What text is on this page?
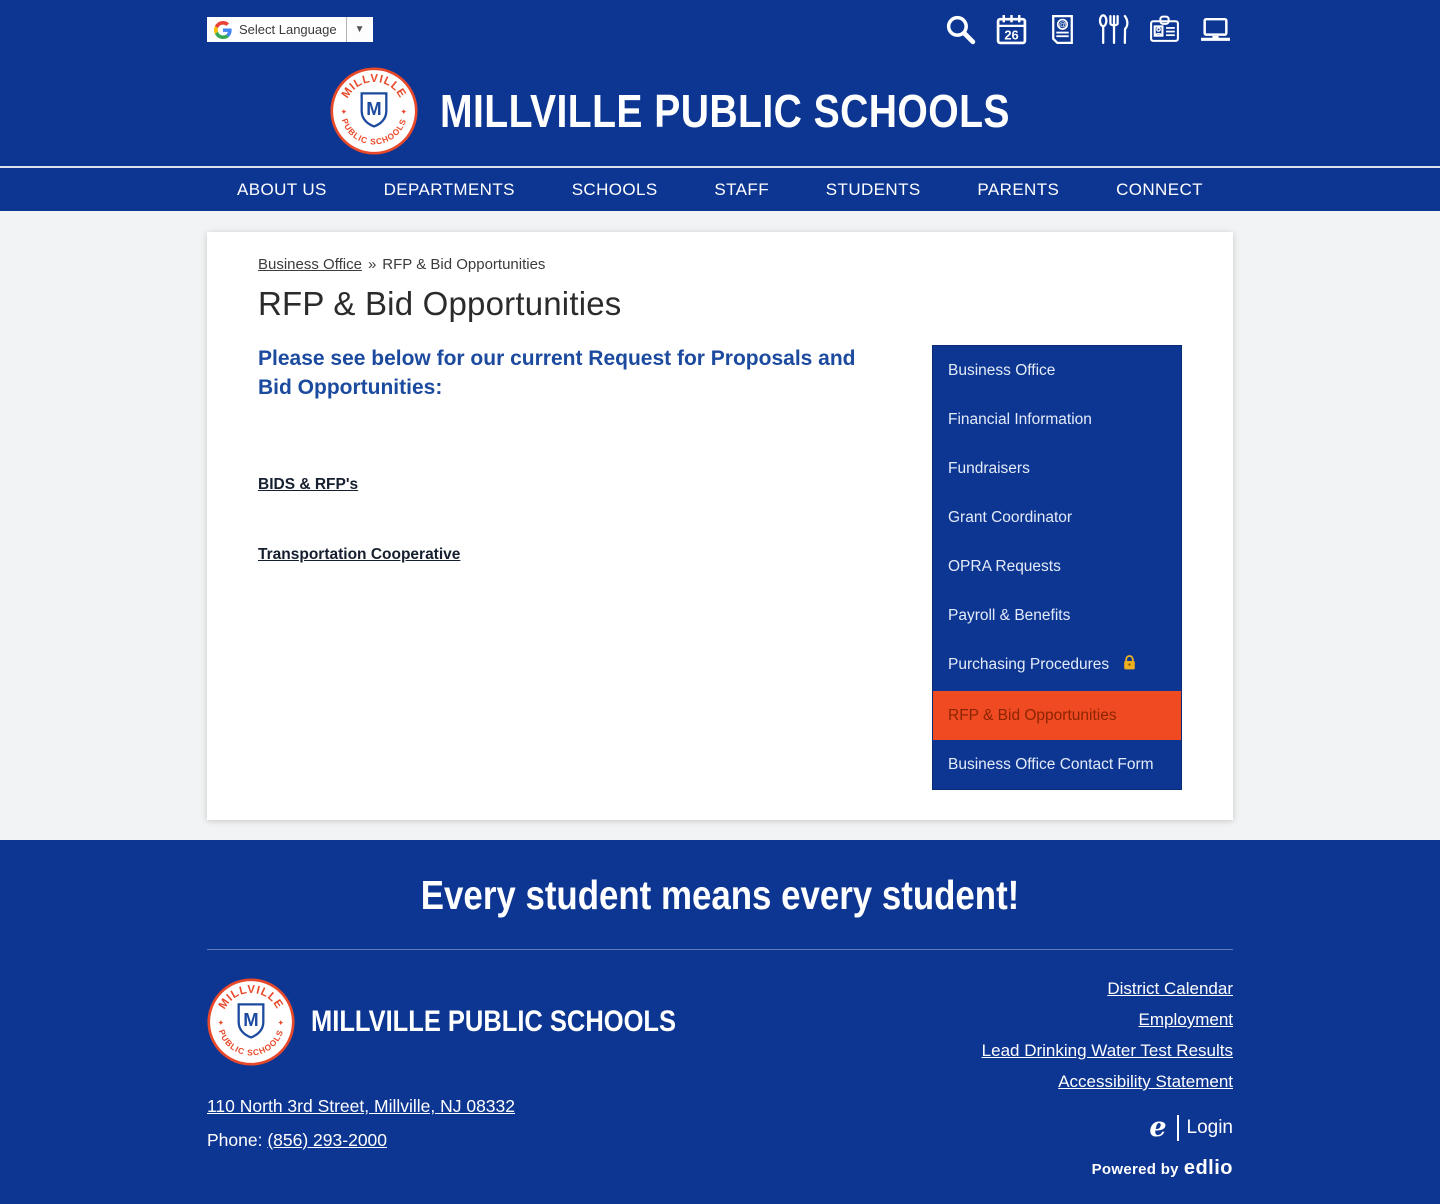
Select Language	▼	26
@
MILLVILLE
PUBLIC SCHOOLS
✦	✦
M MILLVILLE PUBLIC SCHOOLS
ABOUT US	DEPARTMENTS	SCHOOLS	STAFF	STUDENTS	PARENTS	CONNECT
Business Office » RFP & Bid Opportunities
RFP & Bid Opportunities

Please see below for our current Request for Proposals and Bid Opportunities:

BIDS & RFP's
Transportation Cooperative
Business Office
Financial Information
Fundraisers
Grant Coordinator
OPRA Requests
Payroll & Benefits
Purchasing Procedures
RFP & Bid Opportunities
Business Office Contact Form
Every student means every student!
MILLVILLE
PUBLIC SCHOOLS
✦	✦
M MILLVILLE PUBLIC SCHOOLS
110 North 3rd Street, Millville, NJ 08332
Phone: (856) 293-2000
District Calendar
Employment
Lead Drinking Water Test Results
Accessibility Statement
e	Login
Powered by edlio
